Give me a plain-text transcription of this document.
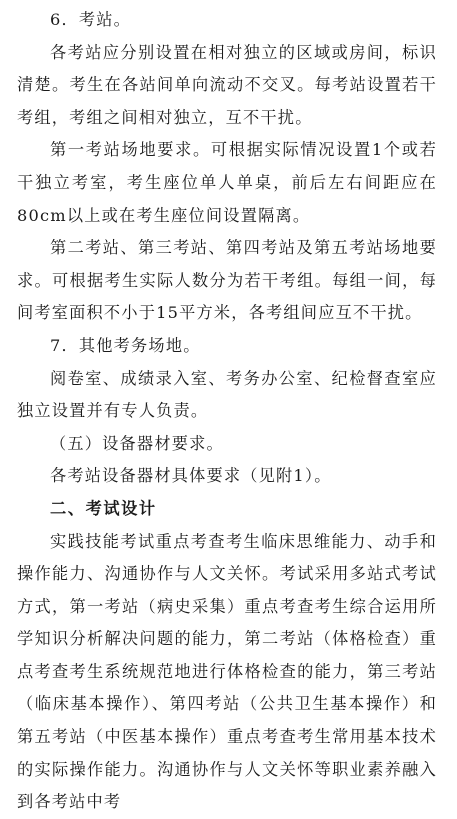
6．考站。

各考站应分别设置在相对独立的区域或房间，标识清楚。考生在各站间单向流动不交叉。每考站设置若干考组，考组之间相对独立，互不干扰。

第一考站场地要求。可根据实际情况设置1个或若干独立考室，考生座位单人单桌，前后左右间距应在80cm以上或在考生座位间设置隔离。

第二考站、第三考站、第四考站及第五考站场地要求。可根据考生实际人数分为若干考组。每组一间，每间考室面积不小于15平方米，各考组间应互不干扰。

7．其他考务场地。

阅卷室、成绩录入室、考务办公室、纪检督查室应独立设置并有专人负责。

（五）设备器材要求。

各考站设备器材具体要求（见附1）。

二、考试设计

实践技能考试重点考查考生临床思维能力、动手和操作能力、沟通协作与人文关怀。考试采用多站式考试方式，第一考站（病史采集）重点考查考生综合运用所学知识分析解决问题的能力，第二考站（体格检查）重点考查考生系统规范地进行体格检查的能力，第三考站（临床基本操作）、第四考站（公共卫生基本操作）和第五考站（中医基本操作）重点考查考生常用基本技术的实际操作能力。沟通协作与人文关怀等职业素养融入到各考站中考
